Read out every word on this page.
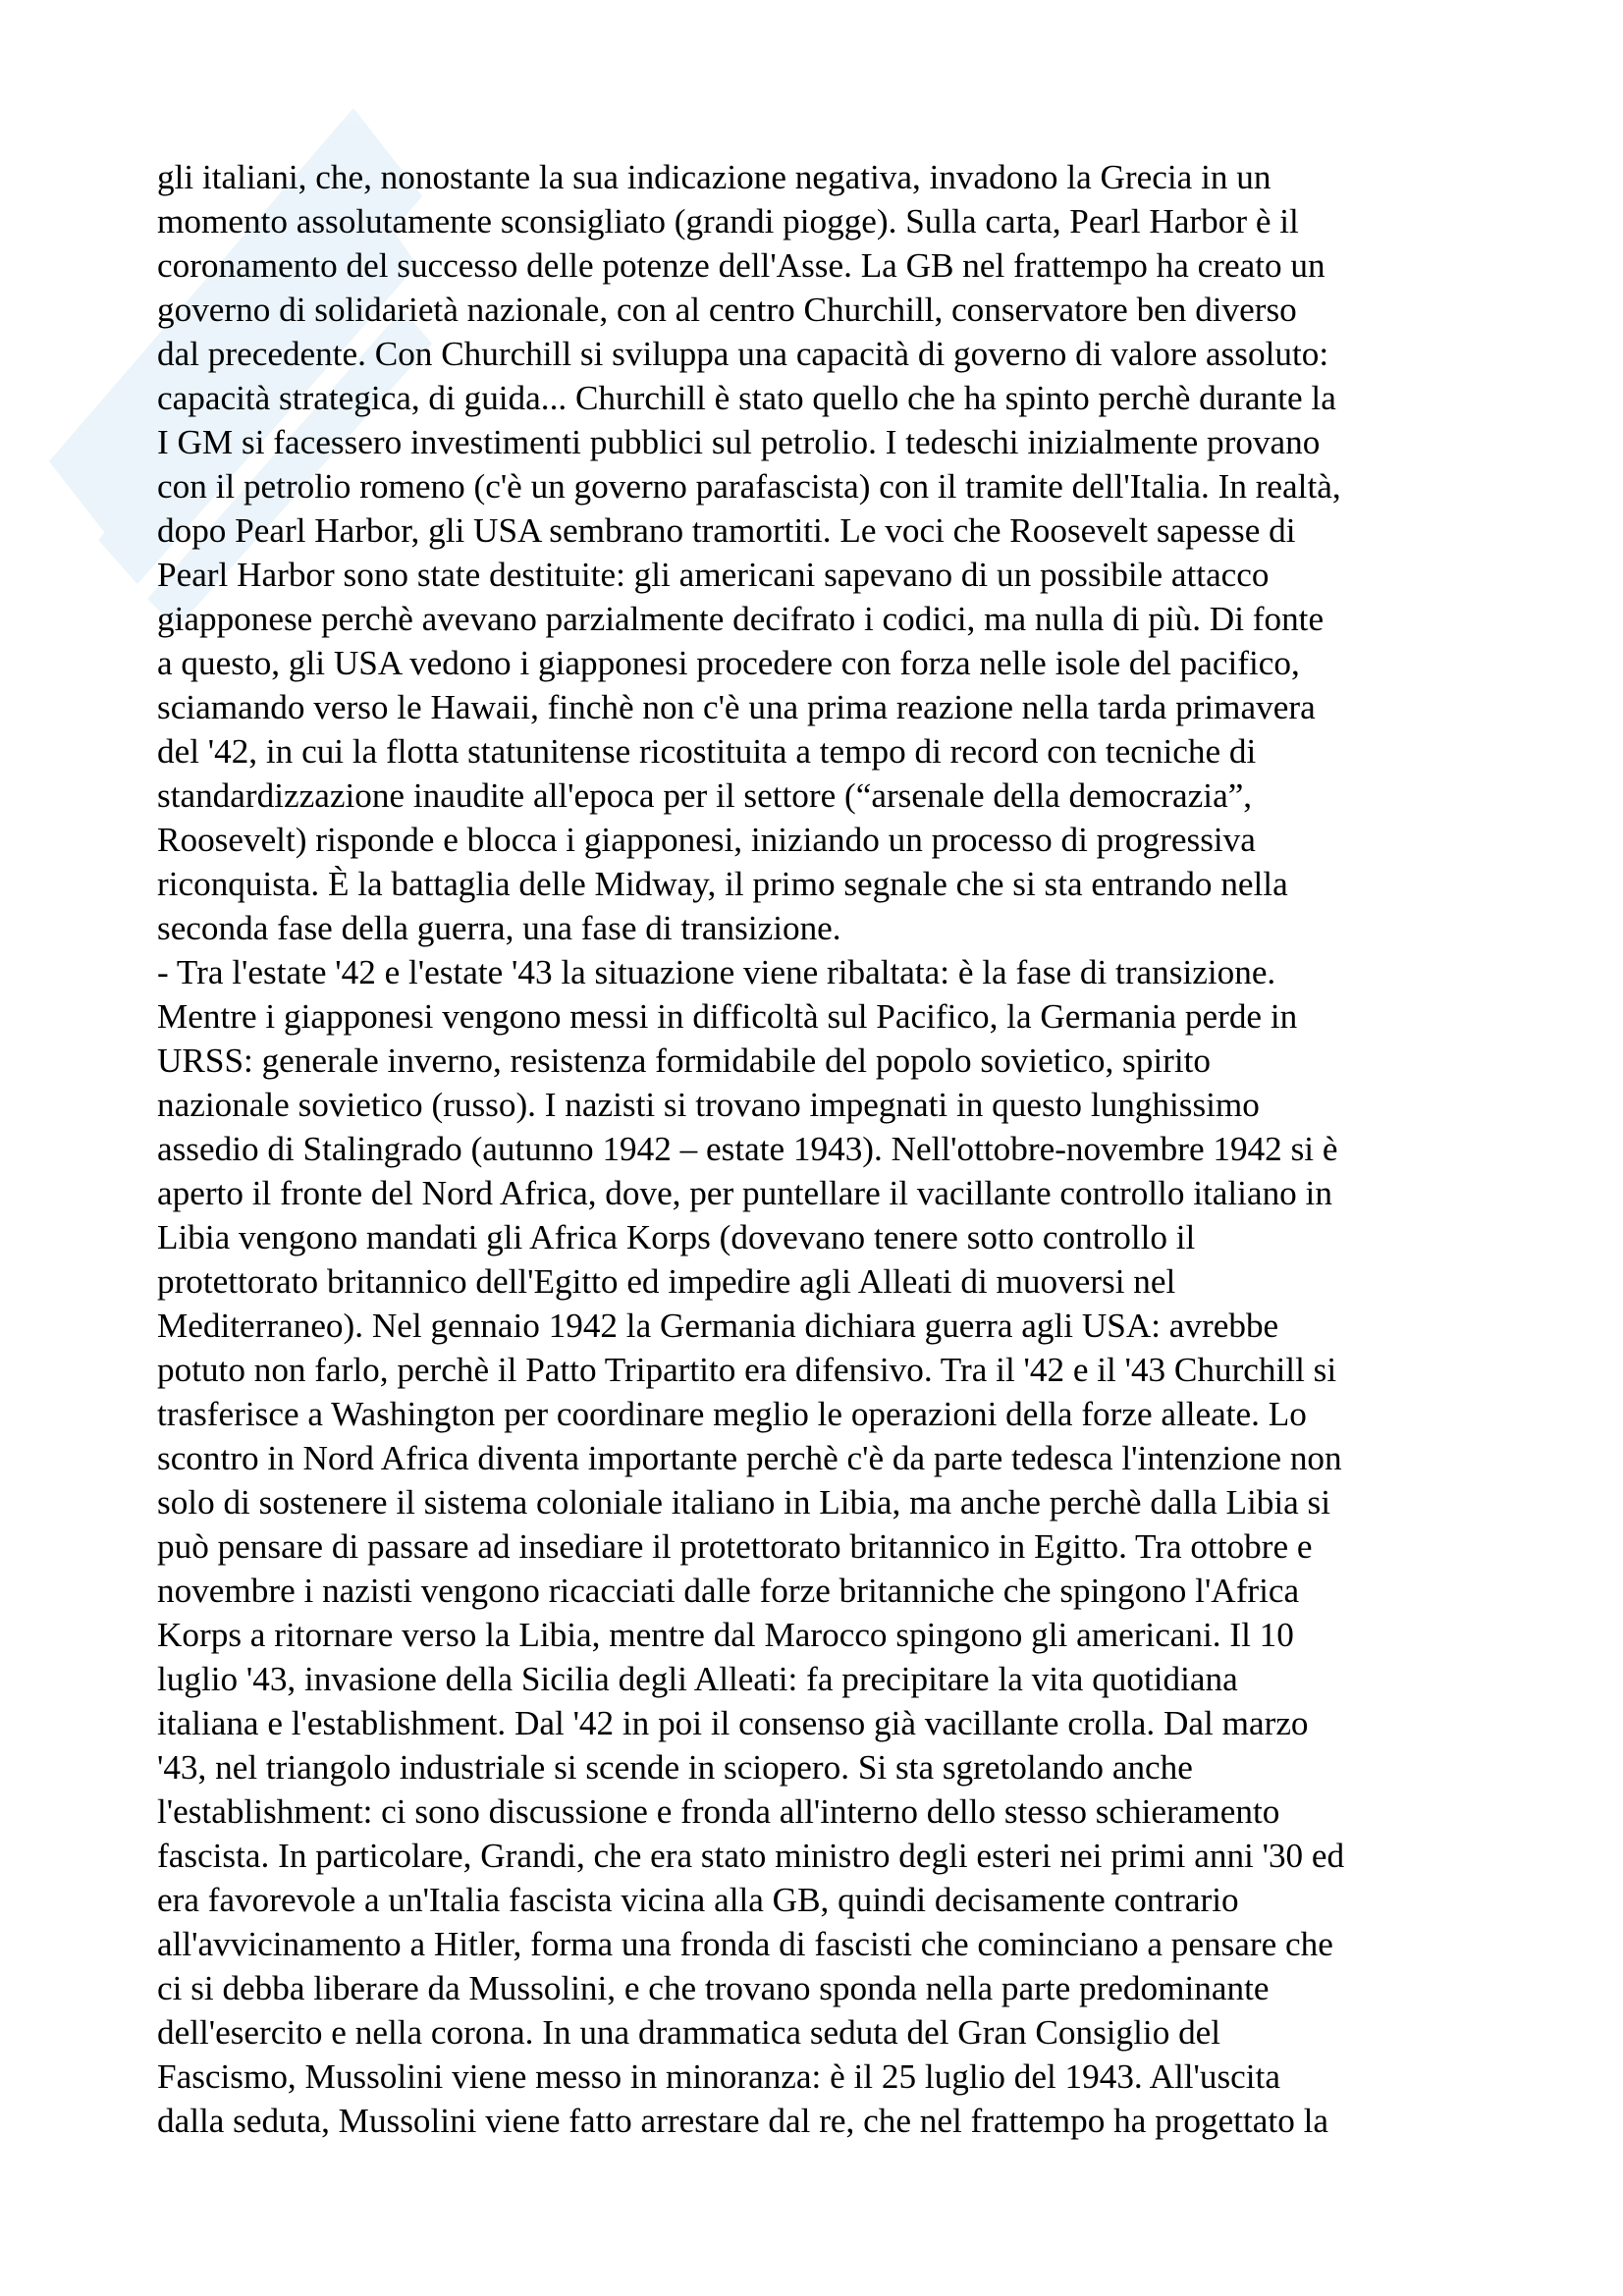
gli italiani, che, nonostante la sua indicazione negativa, invadono la Grecia in un
momento assolutamente sconsigliato (grandi piogge). Sulla carta, Pearl Harbor è il
coronamento del successo delle potenze dell'Asse. La GB nel frattempo ha creato un
governo di solidarietà nazionale, con al centro Churchill, conservatore ben diverso
dal precedente. Con Churchill si sviluppa una capacità di governo di valore assoluto:
capacità strategica, di guida... Churchill è stato quello che ha spinto perchè durante la
I GM si facessero investimenti pubblici sul petrolio. I tedeschi inizialmente provano
con il petrolio romeno (c'è un governo parafascista) con il tramite dell'Italia. In realtà,
dopo Pearl Harbor, gli USA sembrano tramortiti. Le voci che Roosevelt sapesse di
Pearl Harbor sono state destituite: gli americani sapevano di un possibile attacco
giapponese perchè avevano parzialmente decifrato i codici, ma nulla di più. Di fonte
a questo, gli USA vedono i giapponesi procedere con forza nelle isole del pacifico,
sciamando verso le Hawaii, finchè non c'è una prima reazione nella tarda primavera
del '42, in cui la flotta statunitense ricostituita a tempo di record con tecniche di
standardizzazione inaudite all'epoca per il settore (“arsenale della democrazia”,
Roosevelt) risponde e blocca i giapponesi, iniziando un processo di progressiva
riconquista. È la battaglia delle Midway, il primo segnale che si sta entrando nella
seconda fase della guerra, una fase di transizione.
- Tra l'estate '42 e l'estate '43 la situazione viene ribaltata: è la fase di transizione.
Mentre i giapponesi vengono messi in difficoltà sul Pacifico, la Germania perde in
URSS: generale inverno, resistenza formidabile del popolo sovietico, spirito
nazionale sovietico (russo). I nazisti si trovano impegnati in questo lunghissimo
assedio di Stalingrado (autunno 1942 – estate 1943). Nell'ottobre-novembre 1942 si è
aperto il fronte del Nord Africa, dove, per puntellare il vacillante controllo italiano in
Libia vengono mandati gli Africa Korps (dovevano tenere sotto controllo il
protettorato britannico dell'Egitto ed impedire agli Alleati di muoversi nel
Mediterraneo). Nel gennaio 1942 la Germania dichiara guerra agli USA: avrebbe
potuto non farlo, perchè il Patto Tripartito era difensivo. Tra il '42 e il '43 Churchill si
trasferisce a Washington per coordinare meglio le operazioni della forze alleate. Lo
scontro in Nord Africa diventa importante perchè c'è da parte tedesca l'intenzione non
solo di sostenere il sistema coloniale italiano in Libia, ma anche perchè dalla Libia si
può pensare di passare ad insediare il protettorato britannico in Egitto. Tra ottobre e
novembre i nazisti vengono ricacciati dalle forze britanniche che spingono l'Africa
Korps a ritornare verso la Libia, mentre dal Marocco spingono gli americani. Il 10
luglio '43, invasione della Sicilia degli Alleati: fa precipitare la vita quotidiana
italiana e l'establishment. Dal '42 in poi il consenso già vacillante crolla. Dal marzo
'43, nel triangolo industriale si scende in sciopero. Si sta sgretolando anche
l'establishment: ci sono discussione e fronda all'interno dello stesso schieramento
fascista. In particolare, Grandi, che era stato ministro degli esteri nei primi anni '30 ed
era favorevole a un'Italia fascista vicina alla GB, quindi decisamente contrario
all'avvicinamento a Hitler, forma una fronda di fascisti che cominciano a pensare che
ci si debba liberare da Mussolini, e che trovano sponda nella parte predominante
dell'esercito e nella corona. In una drammatica seduta del Gran Consiglio del
Fascismo, Mussolini viene messo in minoranza: è il 25 luglio del 1943. All'uscita
dalla seduta, Mussolini viene fatto arrestare dal re, che nel frattempo ha progettato la
